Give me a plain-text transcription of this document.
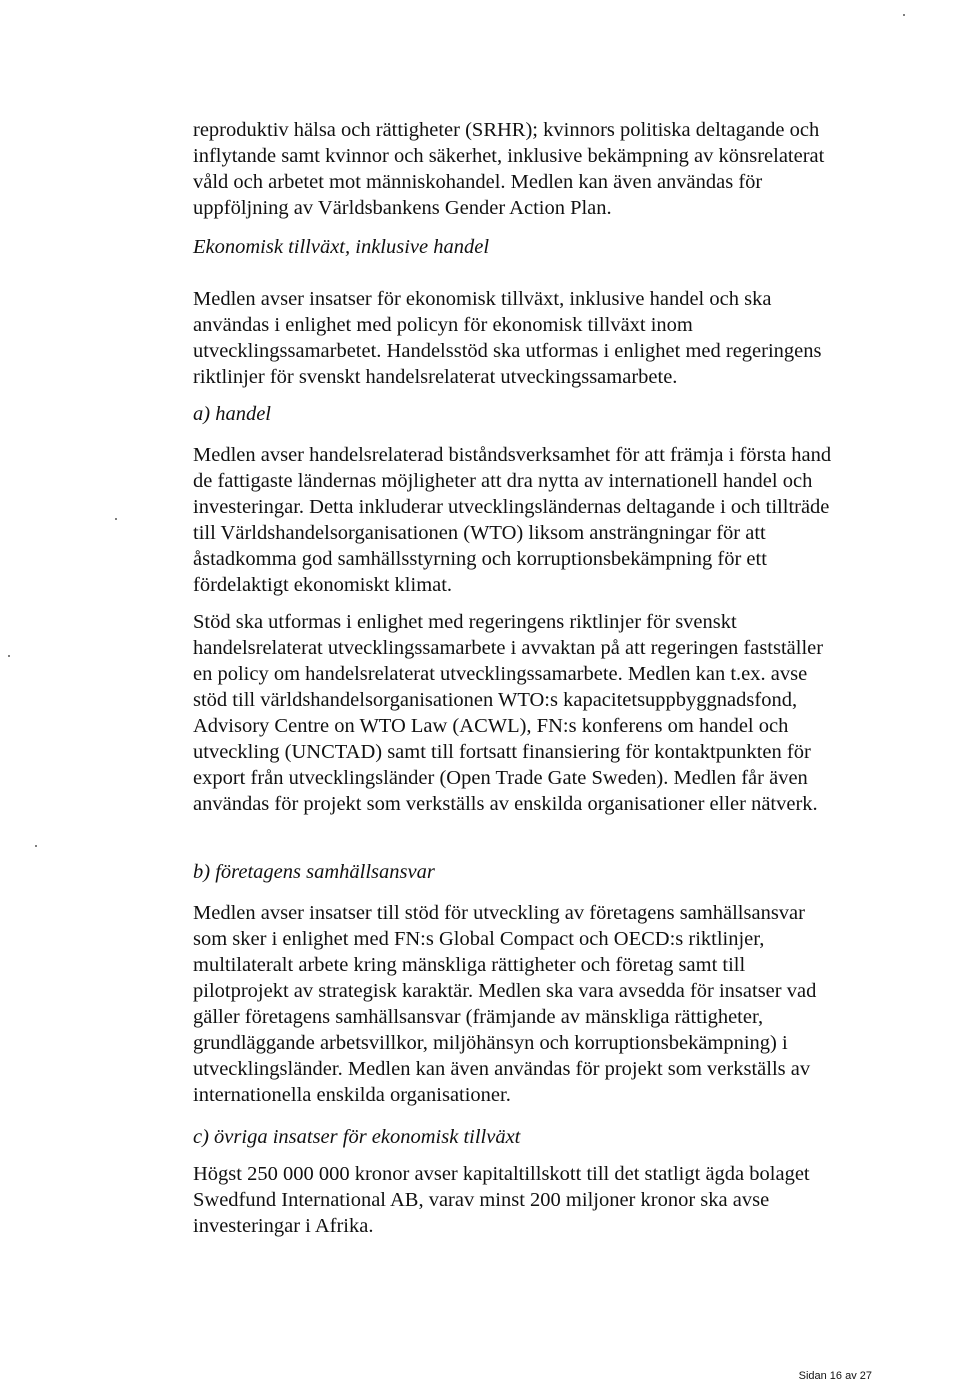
reproduktiv hälsa och rättigheter (SRHR); kvinnors politiska deltagande och inflytande samt kvinnor och säkerhet, inklusive bekämpning av könsrelaterat våld och arbetet mot människohandel. Medlen kan även användas för uppföljning av Världsbankens Gender Action Plan.

Ekonomisk tillväxt, inklusive handel

Medlen avser insatser för ekonomisk tillväxt, inklusive handel och ska användas i enlighet med policyn för ekonomisk tillväxt inom utvecklingssamarbetet. Handelsstöd ska utformas i enlighet med regeringens riktlinjer för svenskt handelsrelaterat utveckingssamarbete.

a) handel

Medlen avser handelsrelaterad biståndsverksamhet för att främja i första hand de fattigaste ländernas möjligheter att dra nytta av internationell handel och investeringar. Detta inkluderar utvecklingsländernas deltagande i och tillträde till Världshandelsorganisationen (WTO) liksom ansträngningar för att åstadkomma god samhällsstyrning och korruptionsbekämpning för ett fördelaktigt ekonomiskt klimat.

Stöd ska utformas i enlighet med regeringens riktlinjer för svenskt handelsrelaterat utvecklingssamarbete i avvaktan på att regeringen fastställer en policy om handelsrelaterat utvecklingssamarbete. Medlen kan t.ex. avse stöd till världshandelsorganisationen WTO:s kapacitetsuppbyggnadsfond, Advisory Centre on WTO Law (ACWL), FN:s konferens om handel och utveckling (UNCTAD) samt till fortsatt finansiering för kontaktpunkten för export från utvecklingsländer (Open Trade Gate Sweden). Medlen får även användas för projekt som verkställs av enskilda organisationer eller nätverk.

b) företagens samhällsansvar

Medlen avser insatser till stöd för utveckling av företagens samhällsansvar som sker i enlighet med FN:s Global Compact och OECD:s riktlinjer, multilateralt arbete kring mänskliga rättigheter och företag samt till pilotprojekt av strategisk karaktär. Medlen ska vara avsedda för insatser vad gäller företagens samhällsansvar (främjande av mänskliga rättigheter, grundläggande arbetsvillkor, miljöhänsyn och korruptionsbekämpning) i utvecklingsländer. Medlen kan även användas för projekt som verkställs av internationella enskilda organisationer.

c) övriga insatser för ekonomisk tillväxt

Högst 250 000 000 kronor avser kapitaltillskott till det statligt ägda bolaget Swedfund International AB, varav minst 200 miljoner kronor ska avse investeringar i Afrika.

Sidan 16 av 27
